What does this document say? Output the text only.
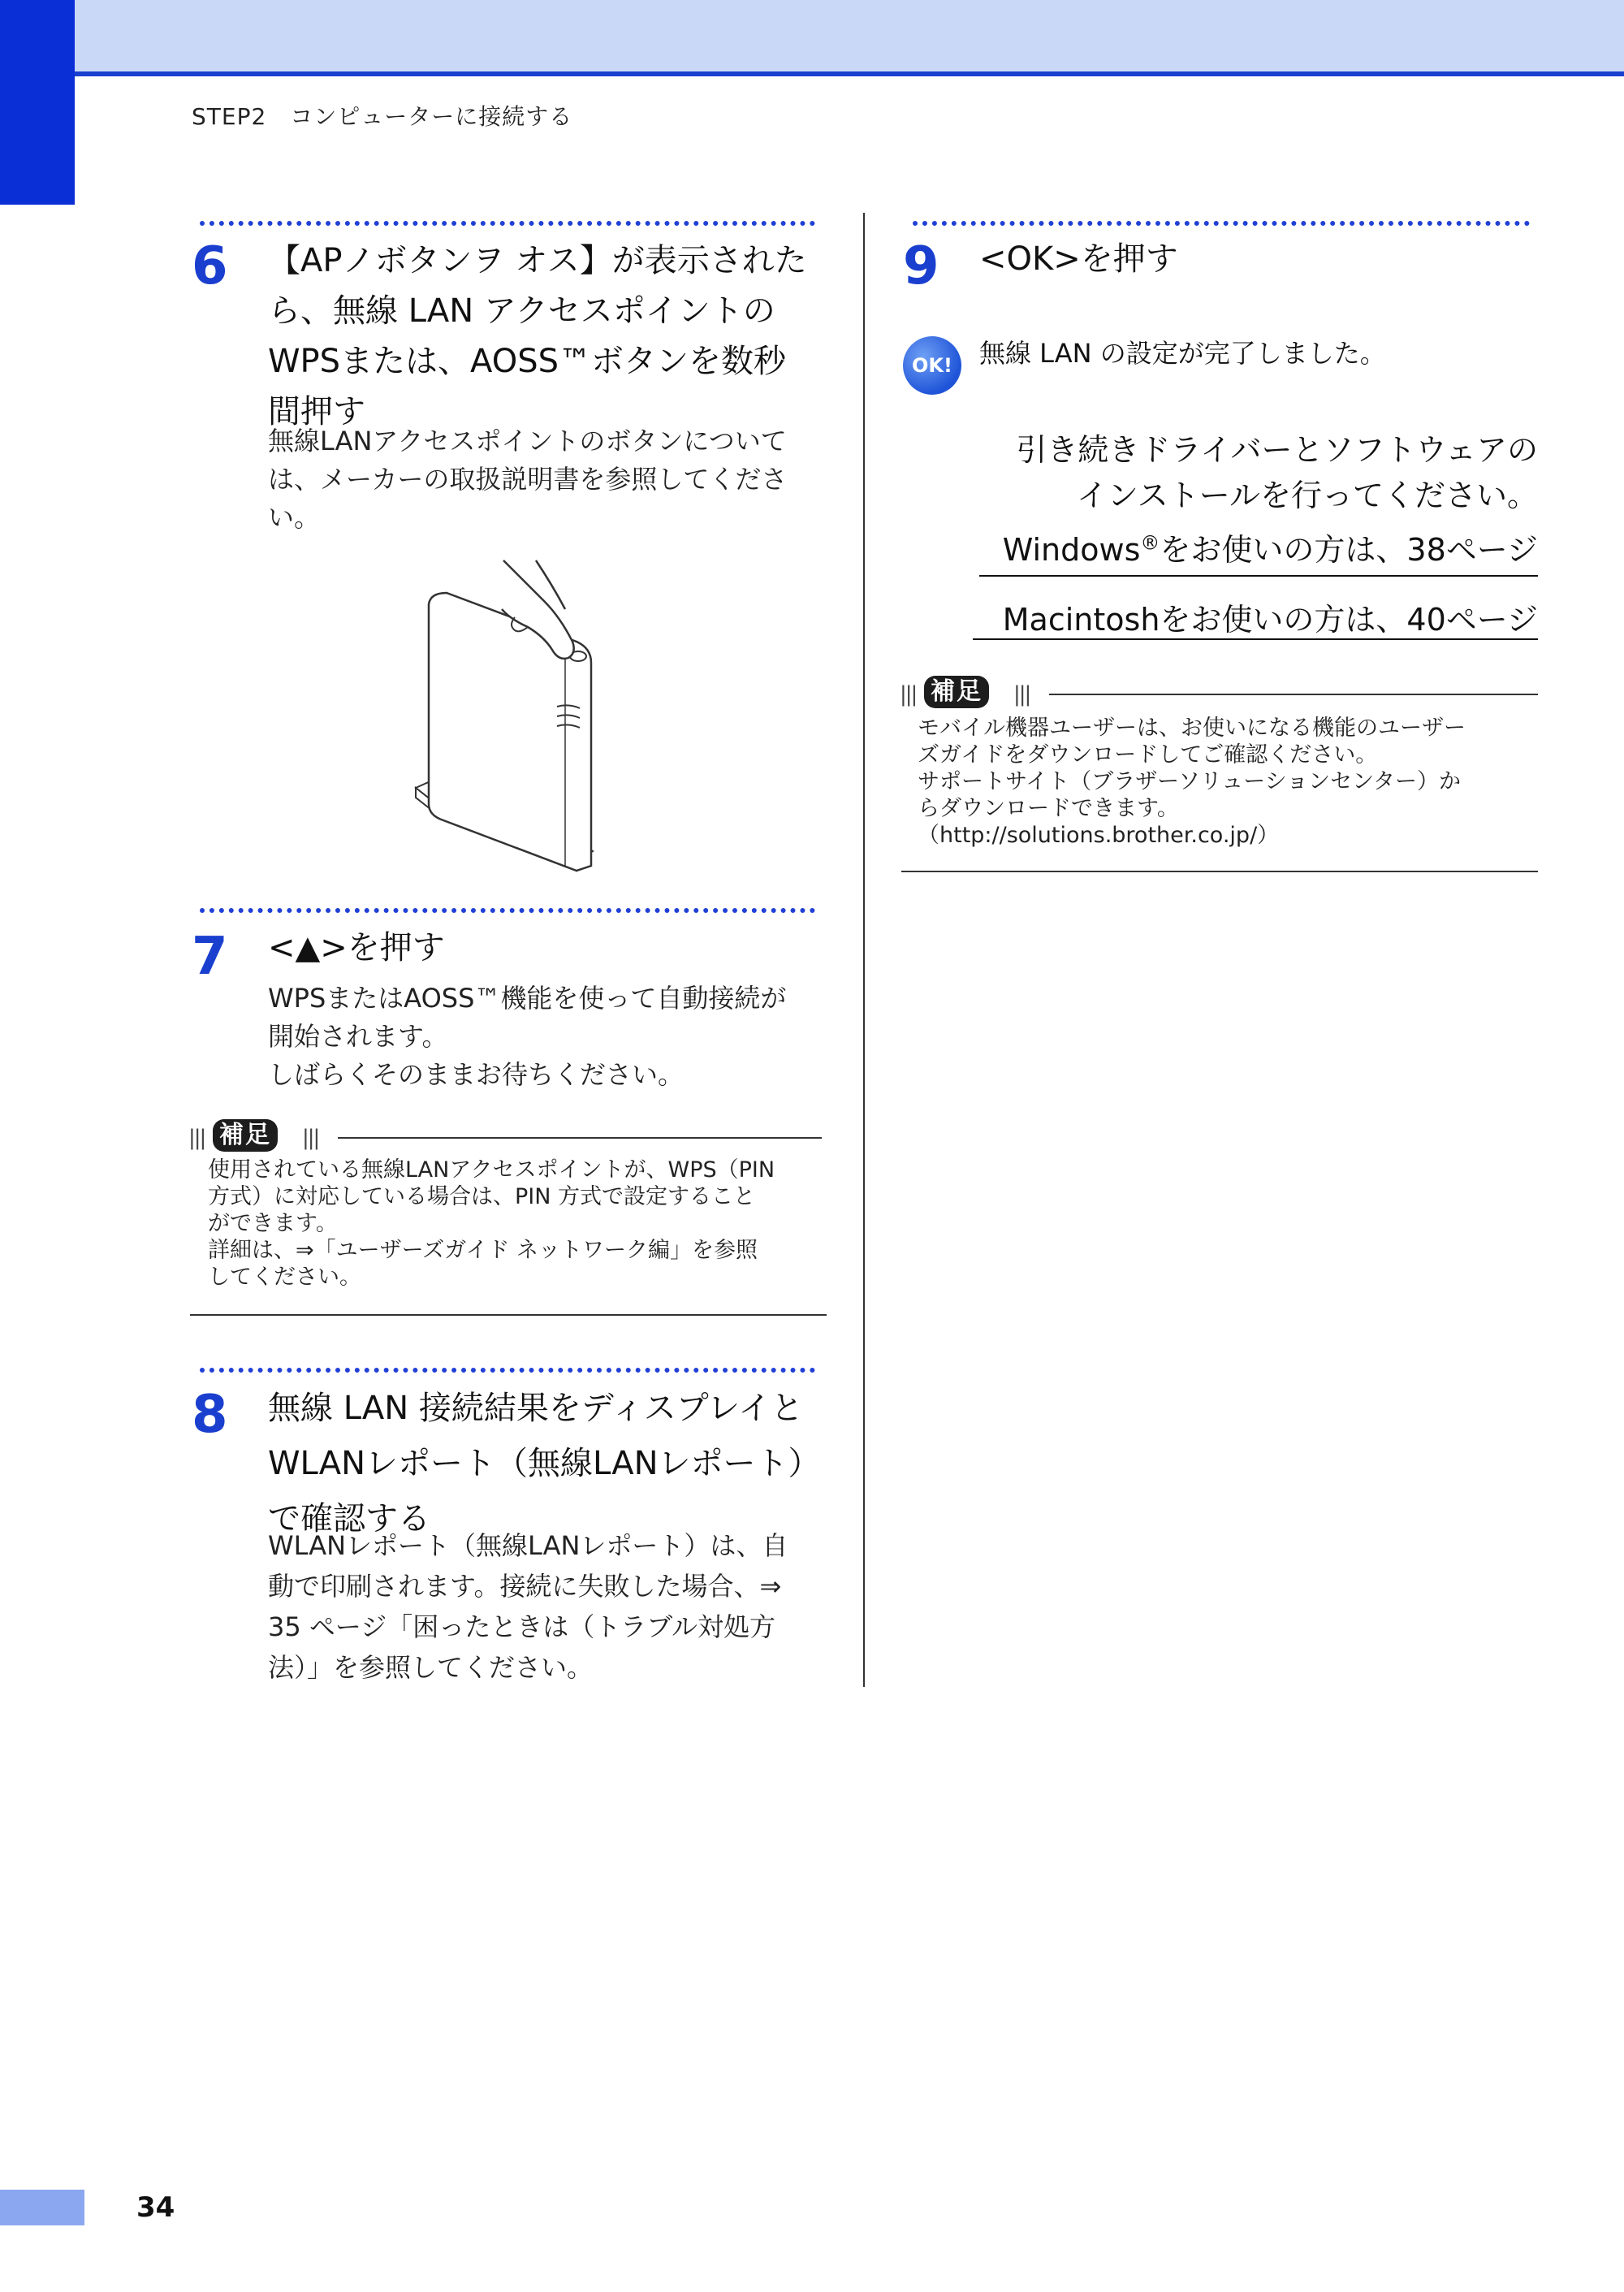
STEP2　コンピューターに接続する
6 【APノボタンヲ オス】が表示された
ら、無線 LAN アクセスポイントの
WPSまたは、AOSS™ボタンを数秒
間押す
無線LANアクセスポイントのボタンについて
は、メーカーの取扱説明書を参照してくださ
い。
7 <▲>を押す
WPSまたはAOSS™機能を使って自動接続が
開始されます。
しばらくそのままお待ちください。
||| 補足	|||
使用されている無線LANアクセスポイントが、WPS（PIN
方式）に対応している場合は、PIN 方式で設定すること
ができます。
詳細は、⇒「ユーザーズガイド ネットワーク編」を参照
してください。
8 無線 LAN 接続結果をディスプレイと
WLANレポート（無線LANレポート）
で確認する
WLANレポート（無線LANレポート）は、自
動で印刷されます。接続に失敗した場合、⇒
35 ページ「困ったときは（トラブル対処方
法）」を参照してください。
9 <OK>を押す
OK!	無線 LAN の設定が完了しました。
引き続きドライバーとソフトウェアの
インストールを行ってください。
Windows®をお使いの方は、38ページ
Macintoshをお使いの方は、40ページ
||| 補足	|||
モバイル機器ユーザーは、お使いになる機能のユーザー
ズガイドをダウンロードしてご確認ください。
サポートサイト（ブラザーソリューションセンター）か
らダウンロードできます。
（http://solutions.brother.co.jp/）
34
